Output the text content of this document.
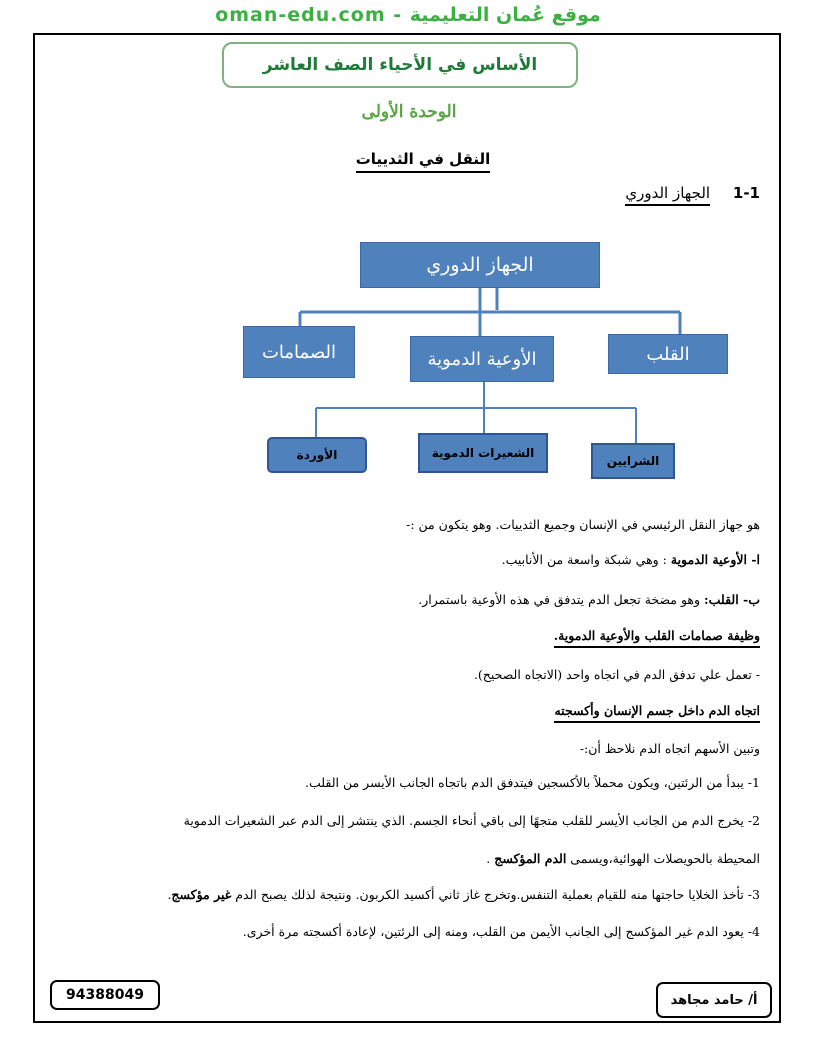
oman-edu.com - موقع عُمان التعليمية
الأساس في الأحياء الصف العاشر
الوحدة الأولى
النقل في الثدييات
1-1 الجهاز الدوري
الجهاز الدوري
القلب
الأوعية الدموية
الصمامات
الشرايين
الشعيرات الدموية
الأوردة
هو جهاز النقل الرئيسي في الإنسان وجميع الثدييات. وهو يتكون من :-
ا- الأوعية الدموية : وهي شبكة واسعة من الأنابيب.
ب- القلب: وهو مضخة تجعل الدم يتدفق في هذه الأوعية باستمرار.
وظيفة صمامات القلب والأوعية الدموية.
- تعمل علي تدفق الدم في اتجاه واحد (الاتجاه الصحيح).
اتجاه الدم داخل جسم الإنسان وأكسجته
وتبين الأسهم اتجاه الدم نلاحظ أن:-
1- يبدأ من الرئتين، ويكون محملاً بالأكسجين فيتدفق الدم باتجاه الجانب الأيسر من القلب.
2- يخرج الدم من الجانب الأيسر للقلب متجهًا إلى باقي أنحاء الجسم. الذي ينتشر إلى الدم عبر الشعيرات الدموية
المحيطة بالحويصلات الهوائية،ويسمى الدم المؤكسج .
3- تأخذ الخلايا حاجتها منه للقيام بعملية التنفس.وتخرج غاز ثاني أكسيد الكربون. ونتيجة لذلك يصبح الدم غير مؤكسج.
4- يعود الدم غير المؤكسج إلى الجانب الأيمن من القلب، ومنه إلى الرئتين، لإعادة أكسجته مرة أخرى.
94388049	أ/ حامد مجاهد
